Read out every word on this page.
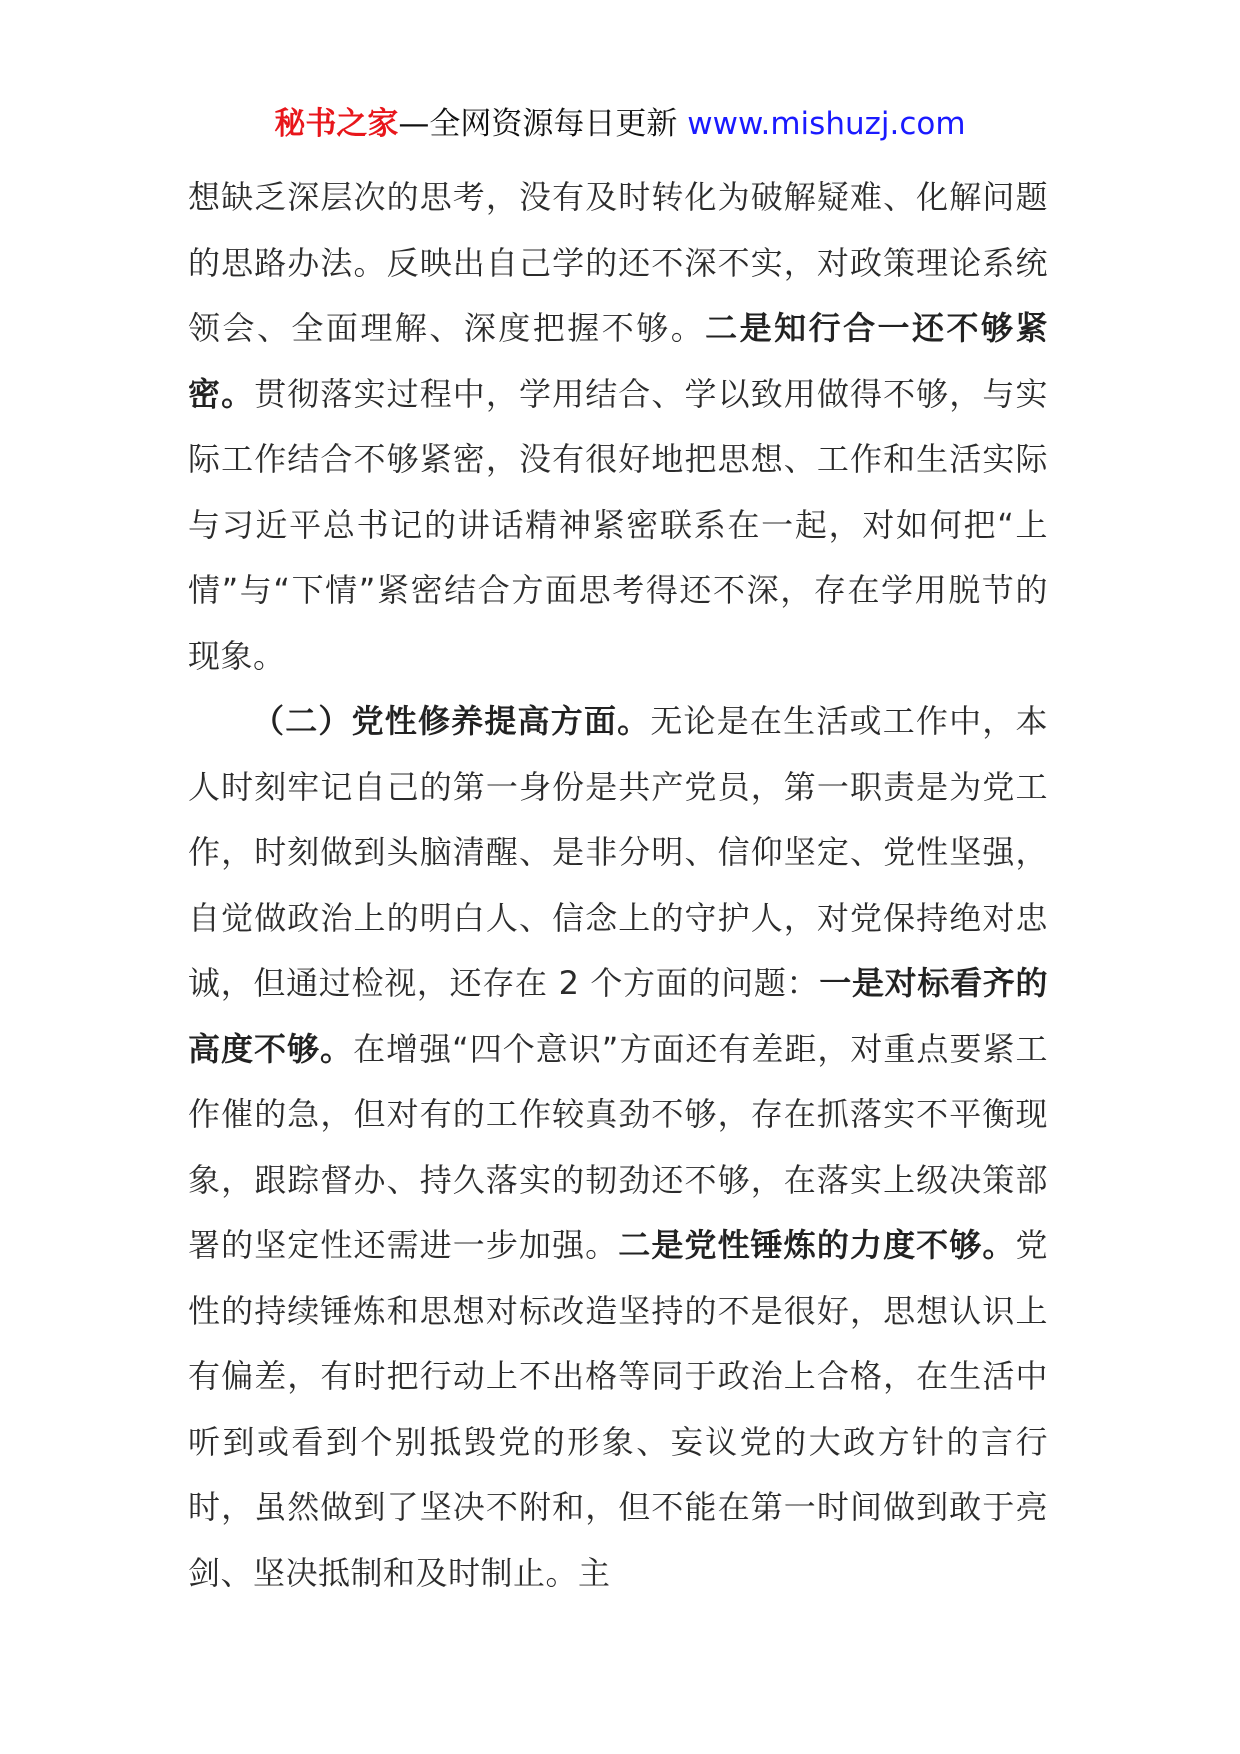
秘书之家—全网资源每日更新 www.mishuzj.com

想缺乏深层次的思考，没有及时转化为破解疑难、化解问题的思路办法。反映出自己学的还不深不实，对政策理论系统领会、全面理解、深度把握不够。二是知行合一还不够紧密。贯彻落实过程中，学用结合、学以致用做得不够，与实际工作结合不够紧密，没有很好地把思想、工作和生活实际与习近平总书记的讲话精神紧密联系在一起，对如何把“上情”与“下情”紧密结合方面思考得还不深，存在学用脱节的现象。

（二）党性修养提高方面。无论是在生活或工作中，本人时刻牢记自己的第一身份是共产党员，第一职责是为党工作，时刻做到头脑清醒、是非分明、信仰坚定、党性坚强，自觉做政治上的明白人、信念上的守护人，对党保持绝对忠诚，但通过检视，还存在 2 个方面的问题：一是对标看齐的高度不够。在增强“四个意识”方面还有差距，对重点要紧工作催的急，但对有的工作较真劲不够，存在抓落实不平衡现象，跟踪督办、持久落实的韧劲还不够，在落实上级决策部署的坚定性还需进一步加强。二是党性锤炼的力度不够。党性的持续锤炼和思想对标改造坚持的不是很好，思想认识上有偏差，有时把行动上不出格等同于政治上合格，在生活中听到或看到个别抵毁党的形象、妄议党的大政方针的言行时，虽然做到了坚决不附和，但不能在第一时间做到敢于亮剑、坚决抵制和及时制止。主
